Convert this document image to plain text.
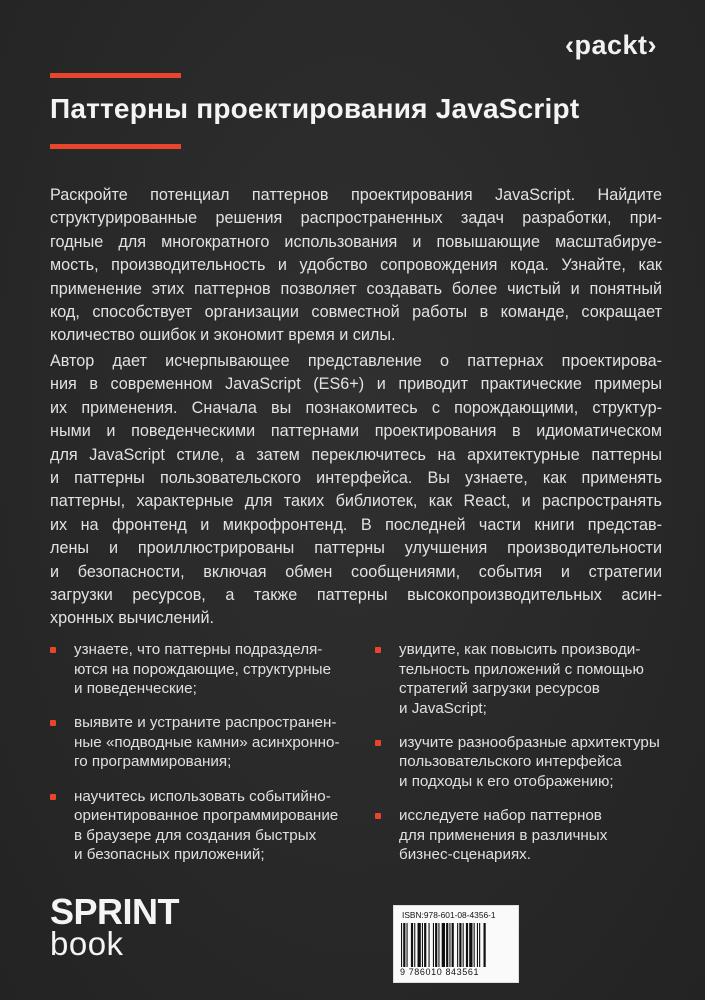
‹packt›
Паттерны проектирования JavaScript
Раскройте потенциал паттернов проектирования JavaScript. Найдите
структурированные решения распространенных задач разработки, при-
годные для многократного использования и повышающие масштабируе-
мость, производительность и удобство сопровождения кода. Узнайте, как
применение этих паттернов позволяет создавать более чистый и понятный
код, способствует организации совместной работы в команде, сокращает
количество ошибок и экономит время и силы.
Автор дает исчерпывающее представление о паттернах проектирова-
ния в современном JavaScript (ES6+) и приводит практические примеры
их применения. Сначала вы познакомитесь с порождающими, структур-
ными и поведенческими паттернами проектирования в идиоматическом
для JavaScript стиле, а затем переключитесь на архитектурные паттерны
и паттерны пользовательского интерфейса. Вы узнаете, как применять
паттерны, характерные для таких библиотек, как React, и распространять
их на фронтенд и микрофронтенд. В последней части книги представ-
лены и проиллюстрированы паттерны улучшения производительности
и безопасности, включая обмен сообщениями, события и стратегии
загрузки ресурсов, а также паттерны высокопроизводительных асин-
хронных вычислений.
узнаете, что паттерны подразделя-
ются на порождающие, структурные
и поведенческие;
выявите и устраните распространен-
ные «подводные камни» асинхронно-
го программирования;
научитесь использовать событийно-
ориентированное программирование
в браузере для создания быстрых
и безопасных приложений;
увидите, как повысить производи-
тельность приложений с помощью
стратегий загрузки ресурсов
и JavaScript;
изучите разнообразные архитектуры
пользовательского интерфейса
и подходы к его отображению;
исследуете набор паттернов
для применения в различных
бизнес-сценариях.
SPRINT
book
ISBN:978-601-08-4356-1
9 786010 843561
